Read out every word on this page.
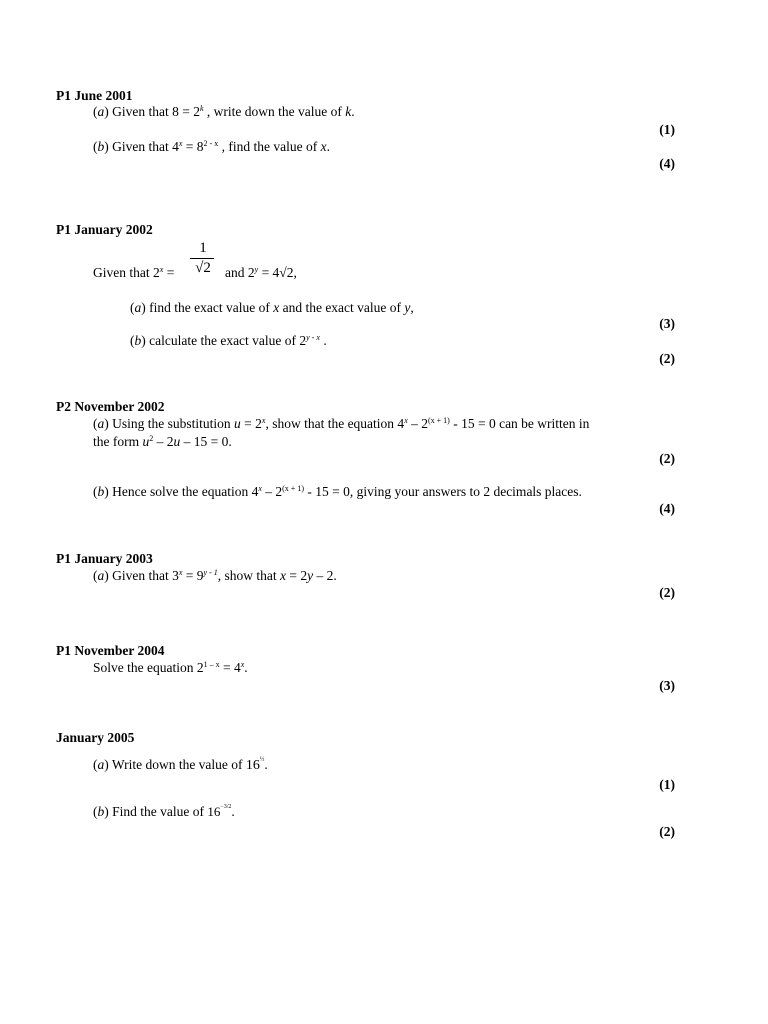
P1 June 2001
(a) Given that $8 = 2^k$ , write down the value of k.
(1)
(b) Given that $4^x = 8^{2 - x}$ , find the value of x.
(4)
P1 January 2002
1
√2
Given that $2^x$ =	and $2^y = 4√2$,
(a) find the exact value of x and the exact value of y,
(3)
(b) calculate the exact value of 2$^{y - x}$ .
(2)
P2 November 2002
(a) Using the substitution $u = 2^x$, show that the equation $4^x - 2^{(x + 1)} - 15 = 0$ can be written in
the form $u^2 - 2u - 15 = 0$.
(2)
(b) Hence solve the equation $4^x - 2^{(x + 1)} - 15 = 0$, giving your answers to 2 decimals places.
(4)
P1 January 2003
(a) Given that $3^x = 9^{y - 1}$, show that x = 2y – 2.
(2)
P1 November 2004
Solve the equation $2^{1 - x} = 4^x$.
(3)
January 2005
(a) Write down the value of $16^{\frac{1}{2}}$.
(1)
(b) Find the value of $16^{-3/2}$.
(2)
